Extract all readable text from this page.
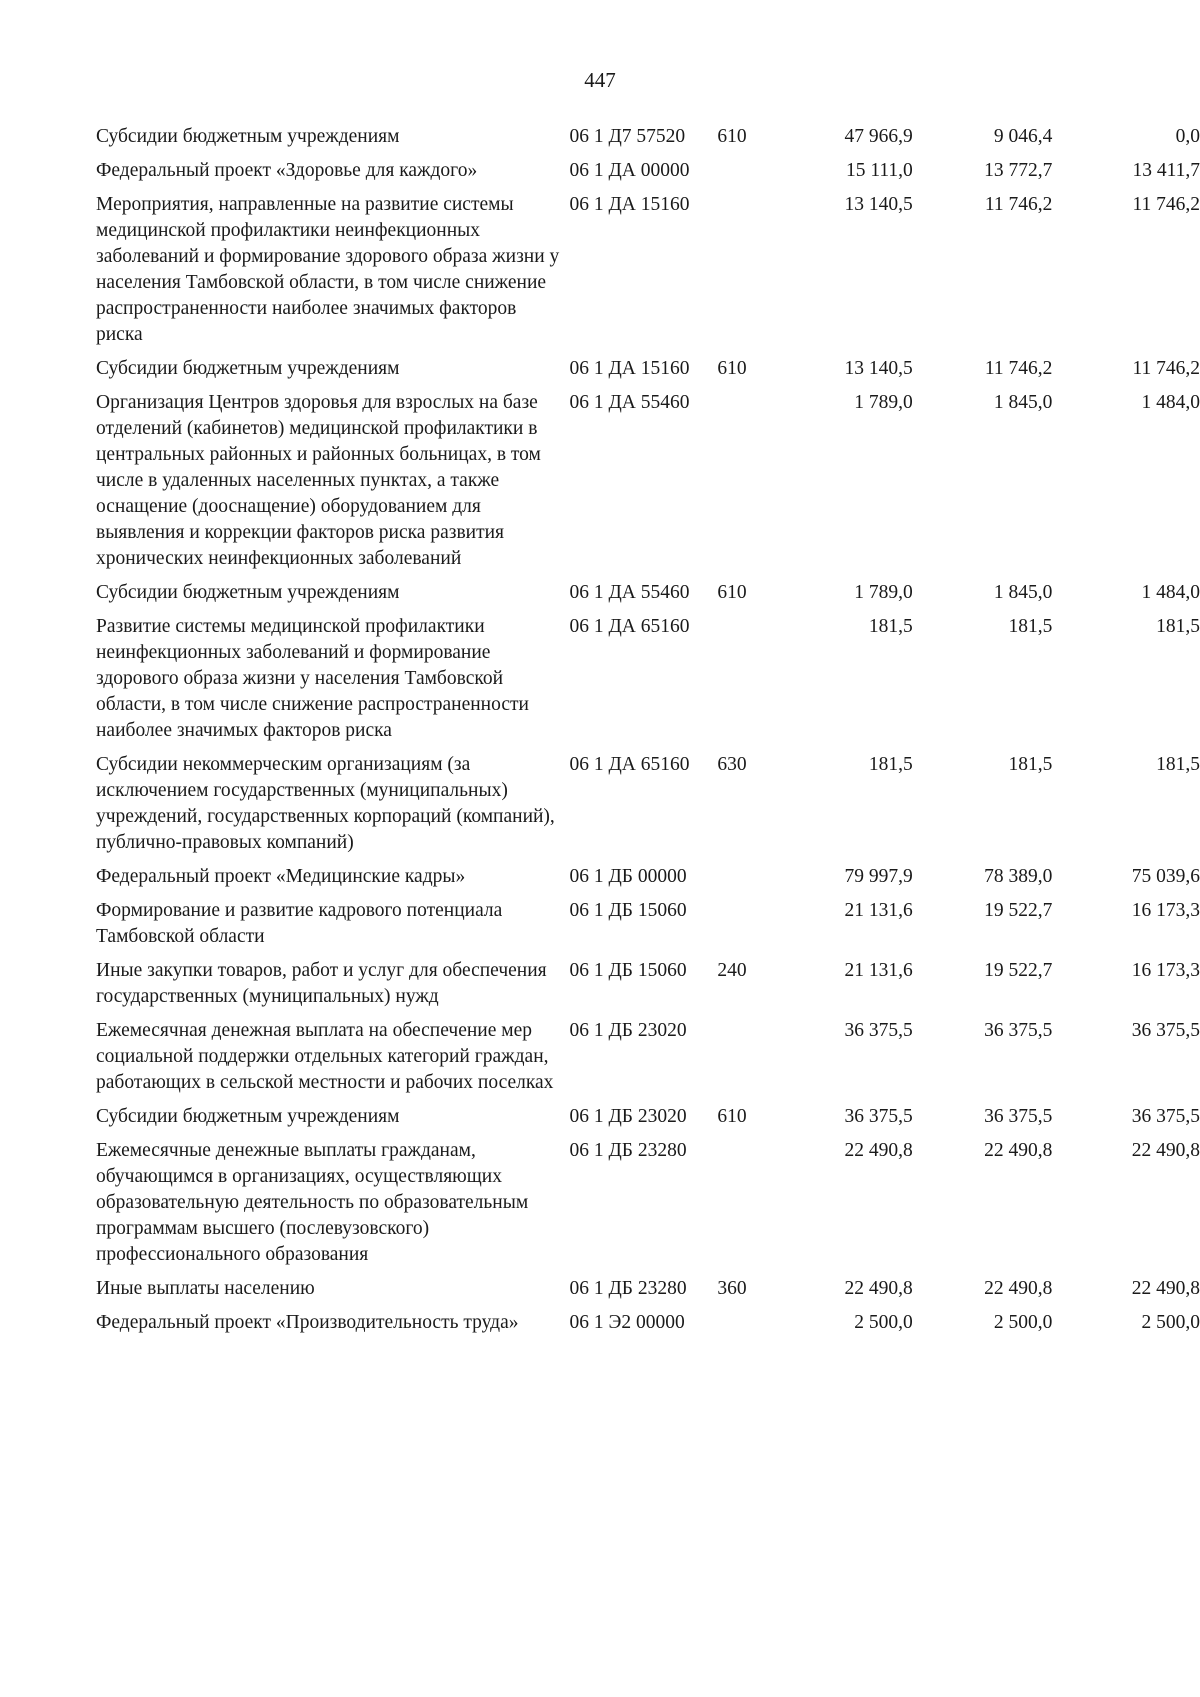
447
Субсидии бюджетным учреждениям	06 1 Д7 57520	610	47 966,9	9 046,4	0,0
Федеральный проект «Здоровье для каждого»	06 1 ДА 00000		15 111,0	13 772,7	13 411,7
Мероприятия, направленные на развитие системы медицинской профилактики неинфекционных заболеваний и формирование здорового образа жизни у населения Тамбовской области, в том числе снижение распространенности наиболее значимых факторов риска	06 1 ДА 15160		13 140,5	11 746,2	11 746,2
Субсидии бюджетным учреждениям	06 1 ДА 15160	610	13 140,5	11 746,2	11 746,2
Организация Центров здоровья для взрослых на базе отделений (кабинетов) медицинской профилактики в центральных районных и районных больницах, в том числе в удаленных населенных пунктах, а также оснащение (дооснащение) оборудованием для выявления и коррекции факторов риска развития хронических неинфекционных заболеваний	06 1 ДА 55460		1 789,0	1 845,0	1 484,0
Субсидии бюджетным учреждениям	06 1 ДА 55460	610	1 789,0	1 845,0	1 484,0
Развитие системы медицинской профилактики неинфекционных заболеваний и формирование здорового образа жизни у населения Тамбовской области, в том числе снижение распространенности наиболее значимых факторов риска	06 1 ДА 65160		181,5	181,5	181,5
Субсидии некоммерческим организациям (за исключением государственных (муниципальных) учреждений, государственных корпораций (компаний), публично-правовых компаний)	06 1 ДА 65160	630	181,5	181,5	181,5
Федеральный проект «Медицинские кадры»	06 1 ДБ 00000		79 997,9	78 389,0	75 039,6
Формирование и развитие кадрового потенциала Тамбовской области	06 1 ДБ 15060		21 131,6	19 522,7	16 173,3
Иные закупки товаров, работ и услуг для обеспечения государственных (муниципальных) нужд	06 1 ДБ 15060	240	21 131,6	19 522,7	16 173,3
Ежемесячная денежная выплата на обеспечение мер социальной поддержки отдельных категорий граждан, работающих в сельской местности и рабочих поселках	06 1 ДБ 23020		36 375,5	36 375,5	36 375,5
Субсидии бюджетным учреждениям	06 1 ДБ 23020	610	36 375,5	36 375,5	36 375,5
Ежемесячные денежные выплаты гражданам, обучающимся в организациях, осуществляющих образовательную деятельность по образовательным программам высшего (послевузовского) профессионального образования	06 1 ДБ 23280		22 490,8	22 490,8	22 490,8
Иные выплаты населению	06 1 ДБ 23280	360	22 490,8	22 490,8	22 490,8
Федеральный проект «Производительность труда»	06 1 Э2 00000		2 500,0	2 500,0	2 500,0
